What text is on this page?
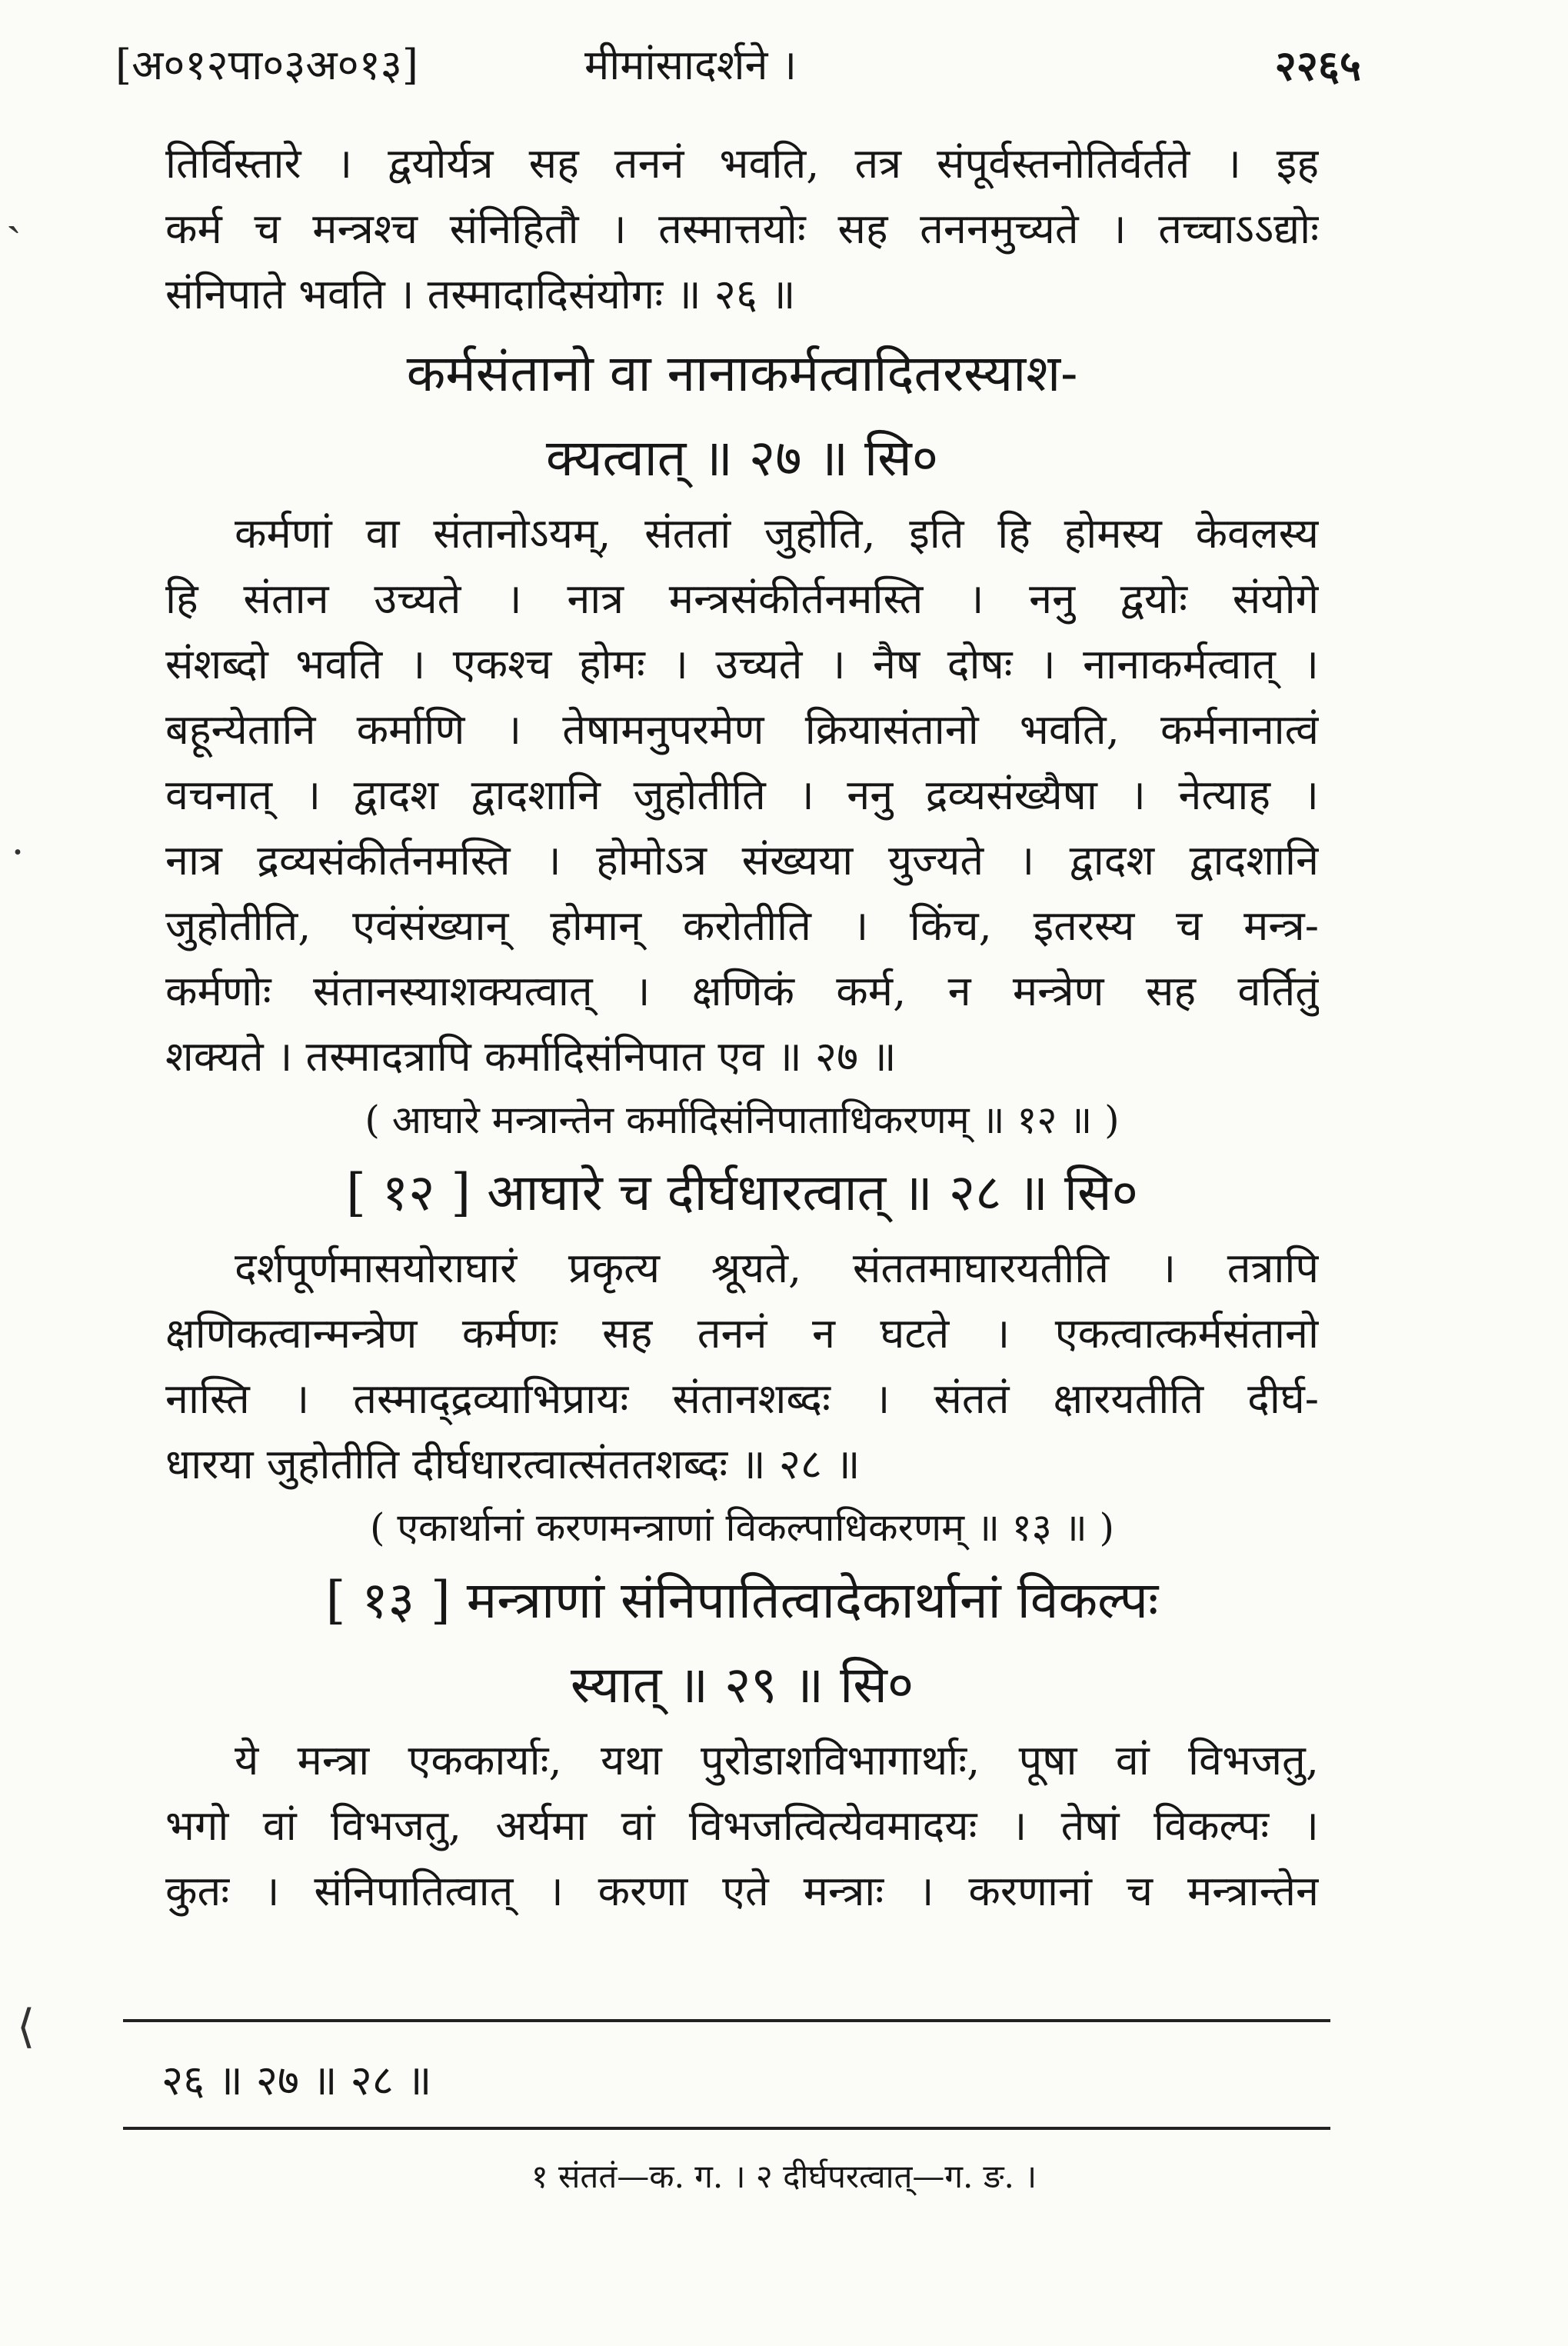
ˏ
˙
⟨
[अ०१२पा०३अ०१३]	मीमांसादर्शने ।	२२६५
तिर्विस्तारे । द्वयोर्यत्र सह तननं भवति, तत्र संपूर्वस्तनोतिर्वर्तते । इह
कर्म च मन्त्रश्च संनिहितौ । तस्मात्तयोः सह तननमुच्यते । तच्चाऽऽद्योः
संनिपाते भवति । तस्मादादिसंयोगः ॥ २६ ॥
कर्मसंतानो वा नानाकर्मत्वादितरस्याश-
क्यत्वात् ॥ २७ ॥ सि०
कर्मणां वा संतानोऽयम्, संततां जुहोति, इति हि होमस्य केवलस्य
हि संतान उच्यते । नात्र मन्त्रसंकीर्तनमस्ति । ननु द्वयोः संयोगे
संशब्दो भवति । एकश्च होमः । उच्यते । नैष दोषः । नानाकर्मत्वात् ।
बहून्येतानि कर्माणि । तेषामनुपरमेण क्रियासंतानो भवति, कर्मनानात्वं
वचनात् । द्वादश द्वादशानि जुहोतीति । ननु द्रव्यसंख्यैषा । नेत्याह ।
नात्र द्रव्यसंकीर्तनमस्ति । होमोऽत्र संख्यया युज्यते । द्वादश द्वादशानि
जुहोतीति, एवंसंख्यान् होमान् करोतीति । किंच, इतरस्य च मन्त्र-
कर्मणोः संतानस्याशक्यत्वात् । क्षणिकं कर्म, न मन्त्रेण सह वर्तितुं
शक्यते । तस्मादत्रापि कर्मादिसंनिपात एव ॥ २७ ॥
( आघारे मन्त्रान्तेन कर्मादिसंनिपाताधिकरणम् ॥ १२ ॥ )
[ १२ ] आघारे च दीर्घधारत्वात् ॥ २८ ॥ सि०
दर्शपूर्णमासयोराघारं प्रकृत्य श्रूयते, संततमाघारयतीति । तत्रापि
क्षणिकत्वान्मन्त्रेण कर्मणः सह तननं न घटते । एकत्वात्कर्मसंतानो
नास्ति । तस्माद्द्रव्याभिप्रायः संतानशब्दः । संततं क्षारयतीति दीर्घ-
धारया जुहोतीति दीर्घधारत्वात्संततशब्दः ॥ २८ ॥
( एकार्थानां करणमन्त्राणां विकल्पाधिकरणम् ॥ १३ ॥ )
[ १३ ] मन्त्राणां संनिपातित्वादेकार्थानां विकल्पः
स्यात् ॥ २९ ॥ सि०
ये मन्त्रा एककार्याः, यथा पुरोडाशविभागार्थाः, पूषा वां विभजतु,
भगो वां विभजतु, अर्यमा वां विभजत्वित्येवमादयः । तेषां विकल्पः ।
कुतः । संनिपातित्वात् । करणा एते मन्त्राः । करणानां च मन्त्रान्तेन
२६ ॥ २७ ॥ २८ ॥
१ संततं—क. ग. । २ दीर्घपरत्वात्—ग. ङ. ।
